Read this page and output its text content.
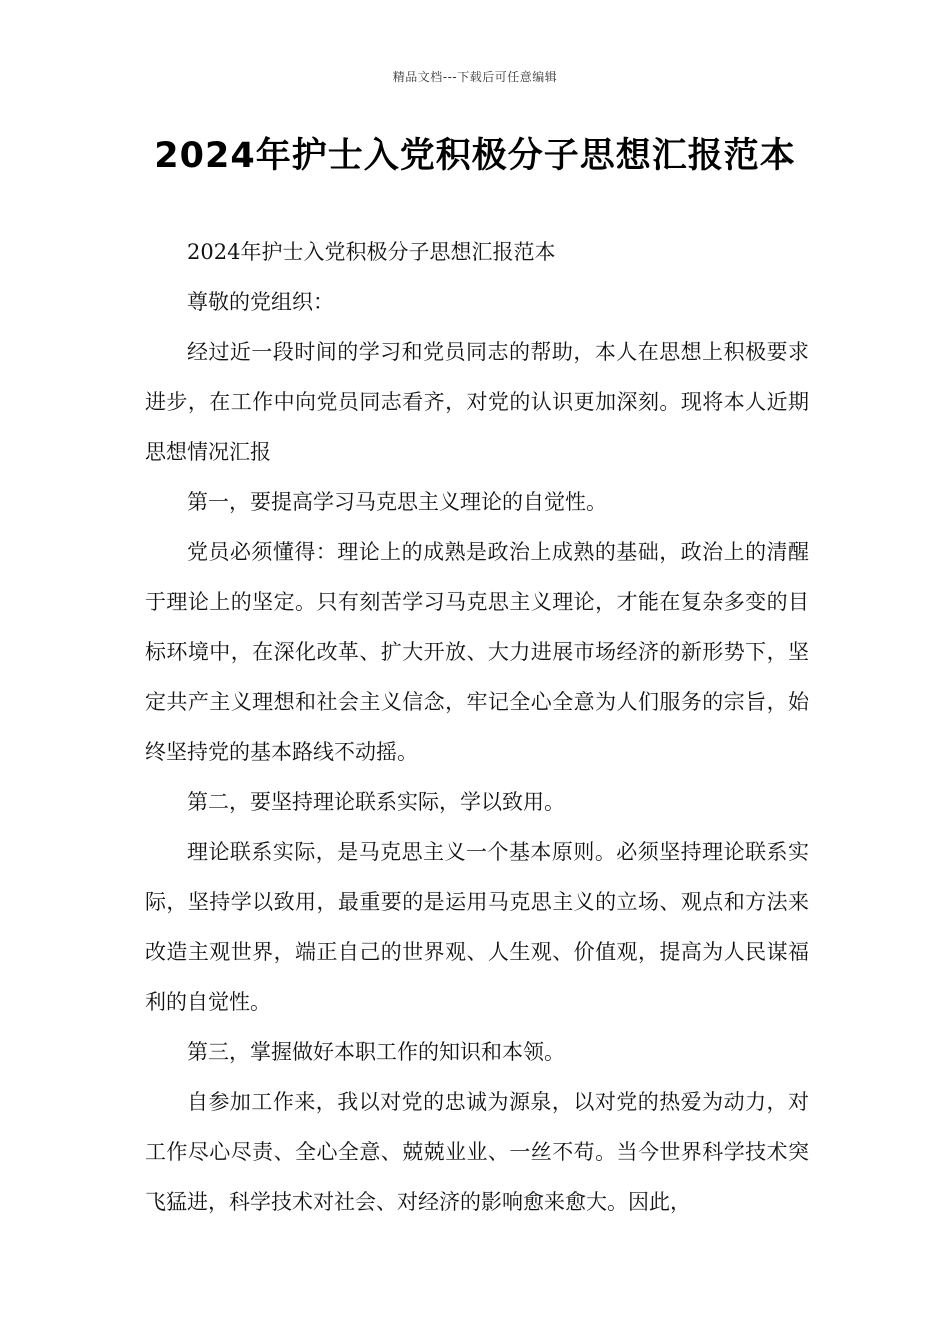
精品文档---下载后可任意编辑
2024年护士入党积极分子思想汇报范本

2024年护士入党积极分子思想汇报范本

尊敬的党组织：

经过近一段时间的学习和党员同志的帮助，本人在思想上积极要求进步，在工作中向党员同志看齐，对党的认识更加深刻。现将本人近期思想情况汇报

第一，要提高学习马克思主义理论的自觉性。

党员必须懂得：理论上的成熟是政治上成熟的基础，政治上的清醒于理论上的坚定。只有刻苦学习马克思主义理论，才能在复杂多变的目标环境中，在深化改革、扩大开放、大力进展市场经济的新形势下，坚定共产主义理想和社会主义信念，牢记全心全意为人们服务的宗旨，始终坚持党的基本路线不动摇。

第二，要坚持理论联系实际，学以致用。

理论联系实际，是马克思主义一个基本原则。必须坚持理论联系实际，坚持学以致用，最重要的是运用马克思主义的立场、观点和方法来改造主观世界，端正自己的世界观、人生观、价值观，提高为人民谋福利的自觉性。

第三，掌握做好本职工作的知识和本领。

自参加工作来，我以对党的忠诚为源泉，以对党的热爱为动力，对工作尽心尽责、全心全意、兢兢业业、一丝不苟。当今世界科学技术突飞猛进，科学技术对社会、对经济的影响愈来愈大。因此，
